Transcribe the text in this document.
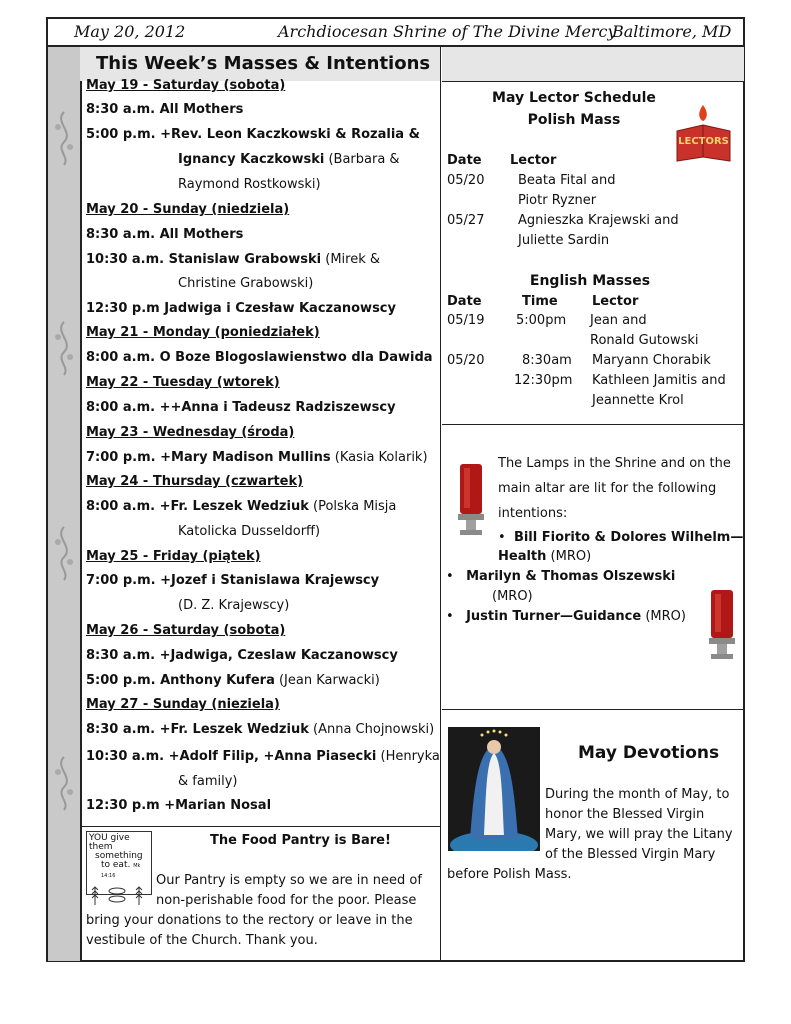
May 20, 2012	Archdiocesan Shrine of The Divine Mercy
Baltimore, MD
This Week’s Masses & Intentions
May 19 - Saturday (sobota)
8:30 a.m. All Mothers
5:00 p.m. +Rev. Leon Kaczkowski & Rozalia &
Ignancy Kaczkowski (Barbara &
Raymond Rostkowski)
May 20 - Sunday (niedziela)
8:30 a.m. All Mothers
10:30 a.m. Stanislaw Grabowski (Mirek &
Christine Grabowski)
12:30 p.m Jadwiga i Czesław Kaczanowscy
May 21 - Monday (poniedziałek)
8:00 a.m. O Boze Blogoslawienstwo dla Dawida
May 22 - Tuesday (wtorek)
8:00 a.m. ++Anna i Tadeusz Radziszewscy
May 23 - Wednesday (środa)
7:00 p.m. +Mary Madison Mullins (Kasia Kolarik)
May 24 - Thursday (czwartek)
8:00 a.m. +Fr. Leszek Wedziuk (Polska Misja
Katolicka Dusseldorff)
May 25 - Friday (piątek)
7:00 p.m. +Jozef i Stanislawa Krajewscy
(D. Z. Krajewscy)
May 26 - Saturday (sobota)
8:30 a.m. +Jadwiga, Czeslaw Kaczanowscy
5:00 p.m. Anthony Kufera (Jean Karwacki)
May 27 - Sunday (nieziela)
8:30 a.m. +Fr. Leszek Wedziuk (Anna Chojnowski)
10:30 a.m. +Adolf Filip, +Anna Piasecki (Henryka
& family)
12:30 p.m +Marian Nosal
YOU give them
something
to eat. Mk 14:16
The Food Pantry is Bare!
Our Pantry is empty so we are in need of
non-perishable food for the poor. Please
bring your donations to the rectory or leave in the
vestibule of the Church. Thank you.
May Lector Schedule
Polish Mass
LECTORS
Date Lector
05/20	Beata Fital and
Piotr Ryzner
05/27	Agnieszka Krajewski and
Juliette Sardin
English Masses
Date	Time	Lector
05/19 5:00pm Jean and
Ronald Gutowski
05/20	8:30am Maryann Chorabik
12:30pm Kathleen Jamitis and
Jeannette Krol
The Lamps in the Shrine and on the
main altar are lit for the following
intentions:
•  Bill Fiorito & Dolores Wilhelm—
Health (MRO)
•   Marilyn & Thomas Olszewski
(MRO)
•   Justin Turner—Guidance (MRO)
May Devotions
During the month of May, to
honor the Blessed Virgin
Mary, we will pray the Litany
of the Blessed Virgin Mary
before Polish Mass.
